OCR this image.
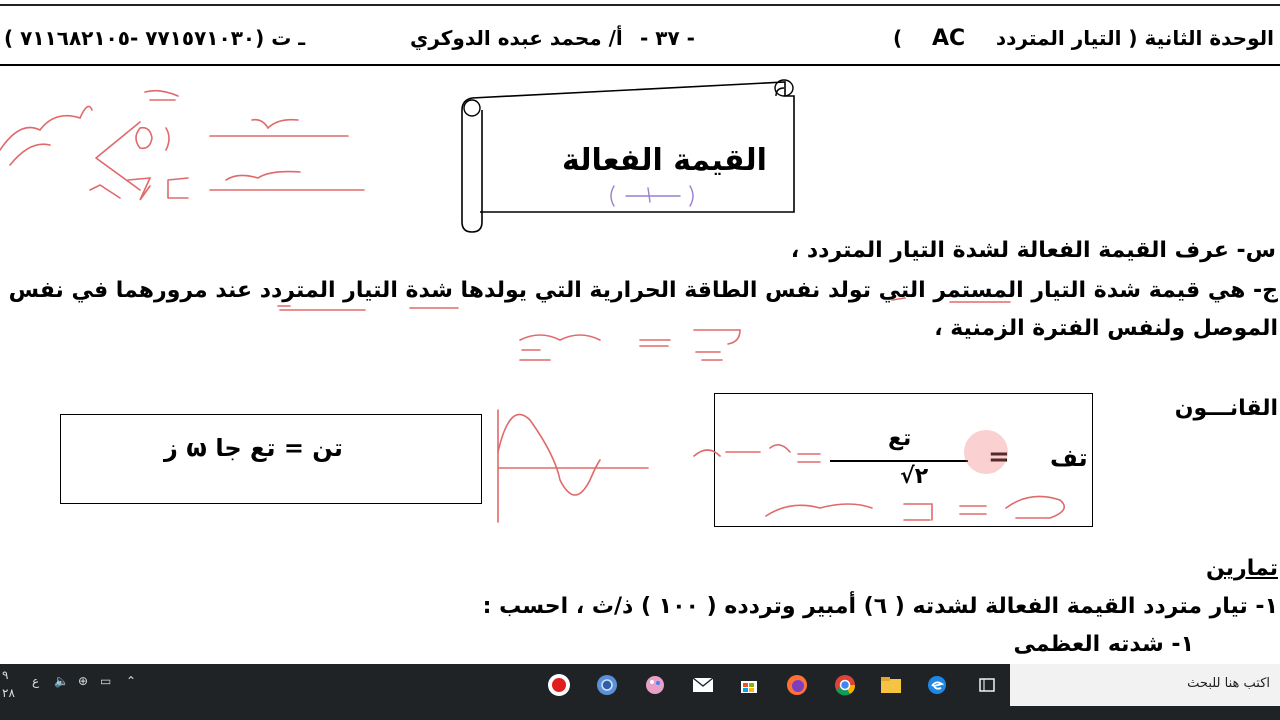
الوحدة الثانية ( التيار المتردد
AC
)
- ٣٧ -
أ/ محمد عبده الدوكري
ـ ت (٧٧١٥٧١٠٣٠ -٧١١٦٨٢١٠٥ )
القيمة الفعالة
س- عرف القيمة الفعالة لشدة التيار المتردد ،
ج- هي قيمة شدة التيار المستمر التي تولد نفس الطاقة الحرارية التي يولدها شدة التيار المتردد عند مرورهما في نفس
الموصل ولنفس الفترة الزمنية ،
القانـــون
تن = تع جا ω ز	تف
=
تع
٢√
تمارين
١- تيار متردد القيمة الفعالة لشدته ( ٦) أمبير وتردده ( ١٠٠ ) ذ/ث ، احسب :
١- شدته العظمى
اكتب هنا للبحث
⌃
▭
⊕
🔈
ع
٩
٢٨
